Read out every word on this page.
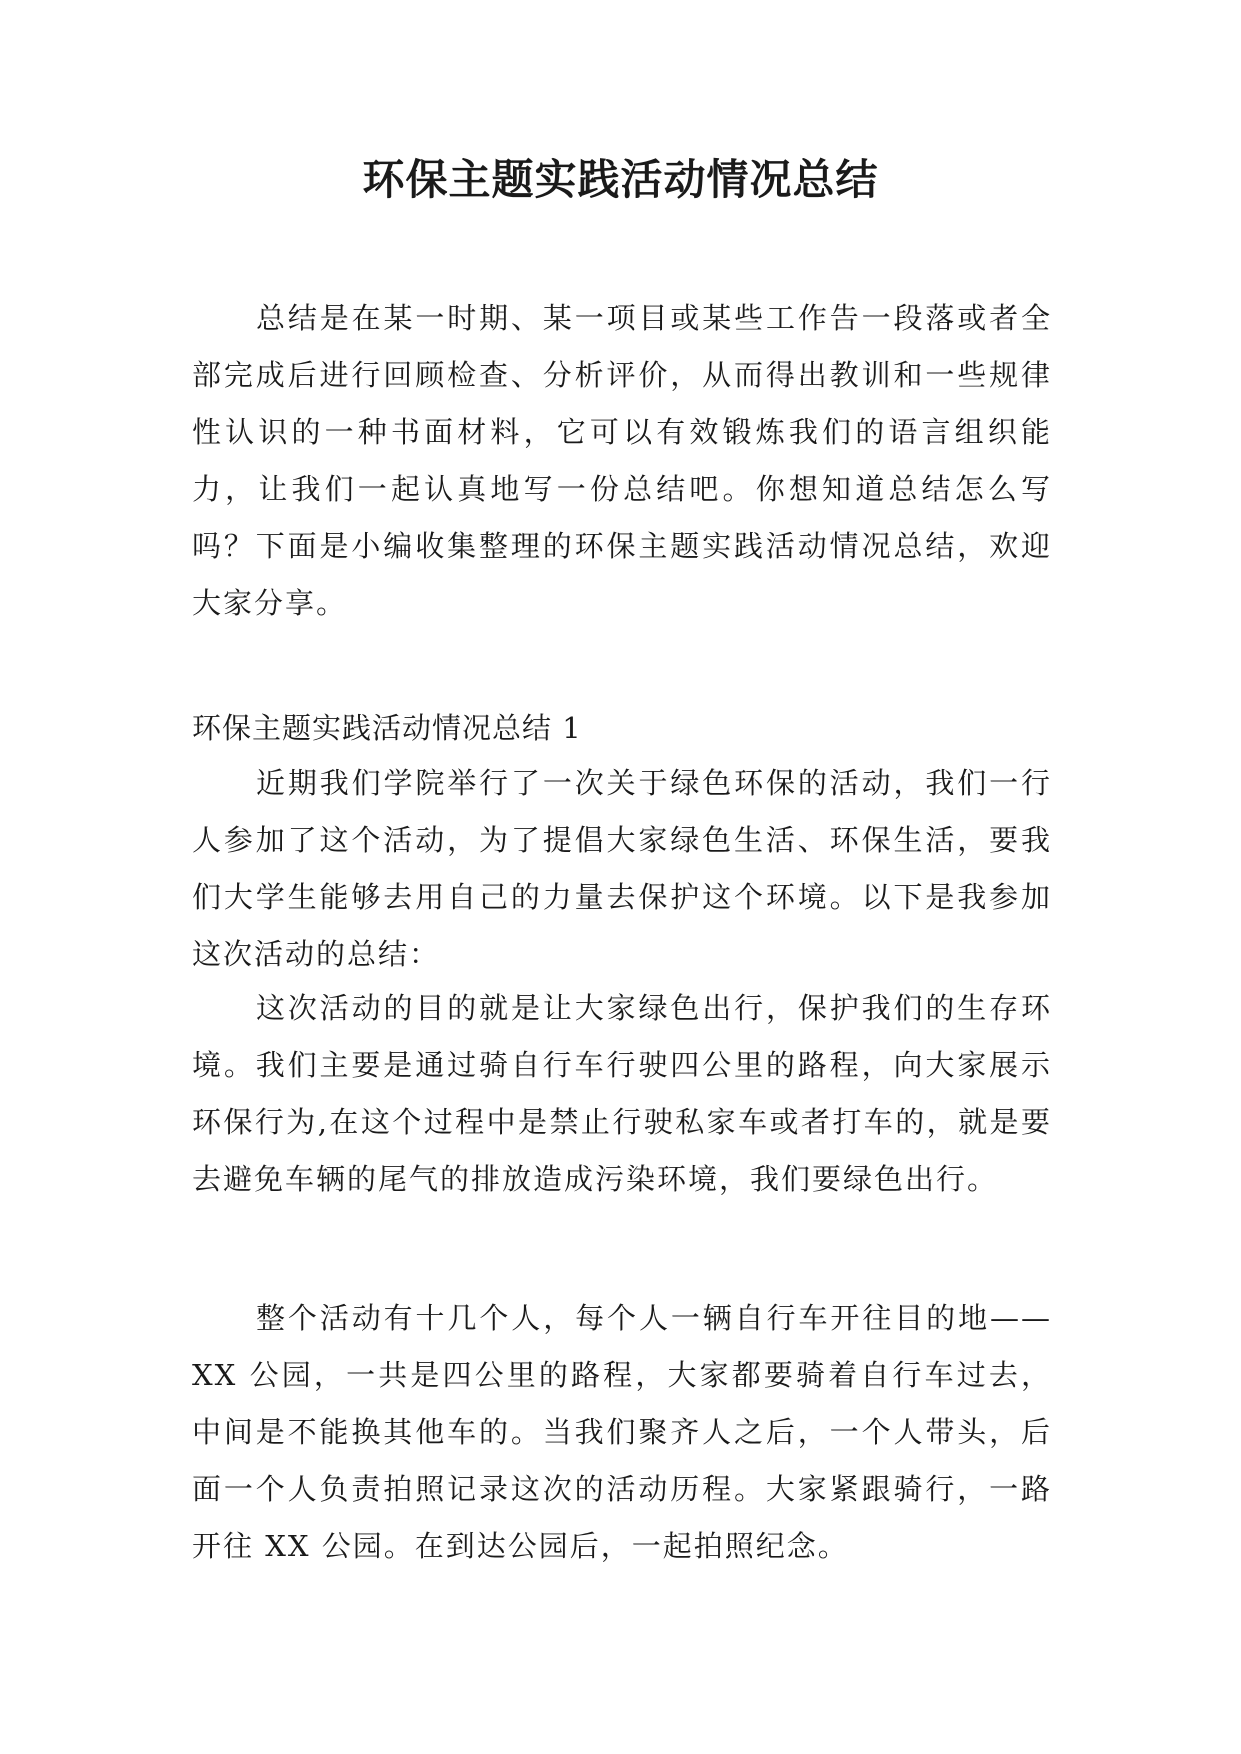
环保主题实践活动情况总结

总结是在某一时期、某一项目或某些工作告一段落或者全部完成后进行回顾检查、分析评价，从而得出教训和一些规律性认识的一种书面材料，它可以有效锻炼我们的语言组织能力，让我们一起认真地写一份总结吧。你想知道总结怎么写吗？下面是小编收集整理的环保主题实践活动情况总结，欢迎大家分享。

环保主题实践活动情况总结 1

近期我们学院举行了一次关于绿色环保的活动，我们一行人参加了这个活动，为了提倡大家绿色生活、环保生活，要我们大学生能够去用自己的力量去保护这个环境。以下是我参加这次活动的总结：

这次活动的目的就是让大家绿色出行，保护我们的生存环境。我们主要是通过骑自行车行驶四公里的路程，向大家展示环保行为,在这个过程中是禁止行驶私家车或者打车的，就是要去避免车辆的尾气的排放造成污染环境，我们要绿色出行。

整个活动有十几个人，每个人一辆自行车开往目的地——XX 公园，一共是四公里的路程，大家都要骑着自行车过去，中间是不能换其他车的。当我们聚齐人之后，一个人带头，后面一个人负责拍照记录这次的活动历程。大家紧跟骑行，一路开往 XX 公园。在到达公园后，一起拍照纪念。
